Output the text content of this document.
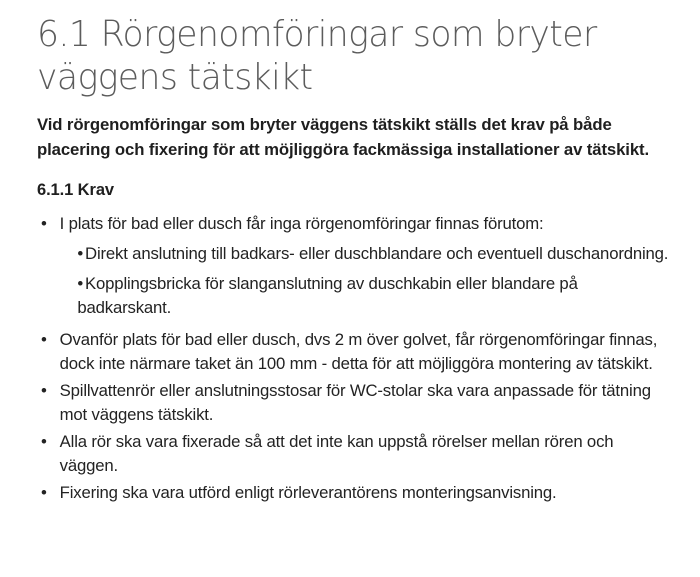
6.1 Rörgenomföringar som bryter väggens tätskikt

Vid rörgenomföringar som bryter väggens tätskikt ställs det krav på både placering och fixering för att möjliggöra fackmässiga installationer av tätskikt.

6.1.1 Krav
• I plats för bad eller dusch får inga rörgenomföringar finnas förutom:
• Direkt anslutning till badkars- eller duschblandare och eventuell duschanordning.
• Kopplingsbricka för slanganslutning av duschkabin eller blandare på badkarskant.
• Ovanför plats för bad eller dusch, dvs 2 m över golvet, får rörgenomföringar finnas, dock inte närmare taket än 100 mm - detta för att möjliggöra montering av tätskikt.
• Spillvattenrör eller anslutningsstosar för WC-stolar ska vara anpassade för tätning mot väggens tätskikt.
• Alla rör ska vara fixerade så att det inte kan uppstå rörelser mellan rören och väggen.
• Fixering ska vara utförd enligt rörleverantörens monteringsanvisning.
